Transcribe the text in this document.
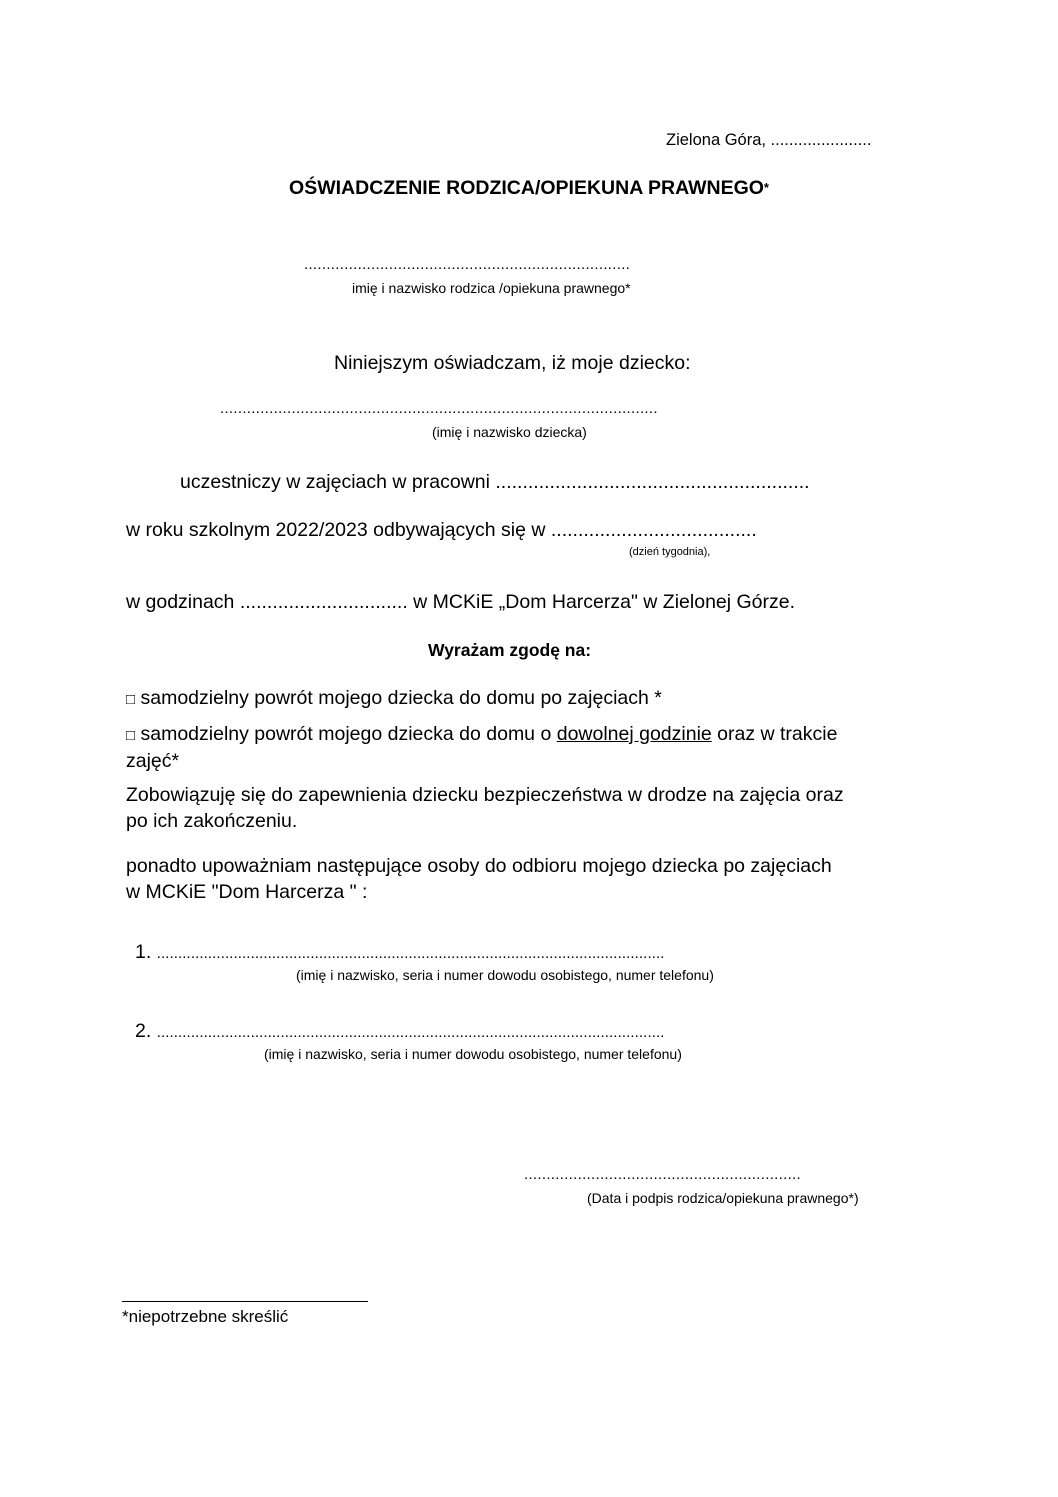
Zielona Góra, ......................
OŚWIADCZENIE RODZICA/OPIEKUNA PRAWNEGO*
.........................................................................
imię i nazwisko rodzica /opiekuna prawnego*
Niniejszym oświadczam, iż moje dziecko:
..................................................................................................
(imię i nazwisko dziecka)
uczestniczy w zajęciach w pracowni ..........................................................
w roku szkolnym 2022/2023 odbywających się w ......................................
(dzień tygodnia),
w godzinach ............................... w MCKiE „Dom Harcerza" w Zielonej Górze.
Wyrażam zgodę na:
□ samodzielny powrót mojego dziecka do domu po zajęciach *
□ samodzielny powrót mojego dziecka do domu o dowolnej godzinie oraz w trakcie
zajęć*
Zobowiązuję się do zapewnienia dziecku bezpieczeństwa w drodze na zajęcia oraz
po ich zakończeniu.
ponadto upoważniam następujące osoby do odbioru mojego dziecka po zajęciach
w MCKiE "Dom Harcerza " :
1. .......................................................................................................................
(imię i nazwisko, seria i numer dowodu osobistego, numer telefonu)
2. .......................................................................................................................
(imię i nazwisko, seria i numer dowodu osobistego, numer telefonu)
..............................................................
(Data i podpis rodzica/opiekuna prawnego*)
*niepotrzebne skreślić
